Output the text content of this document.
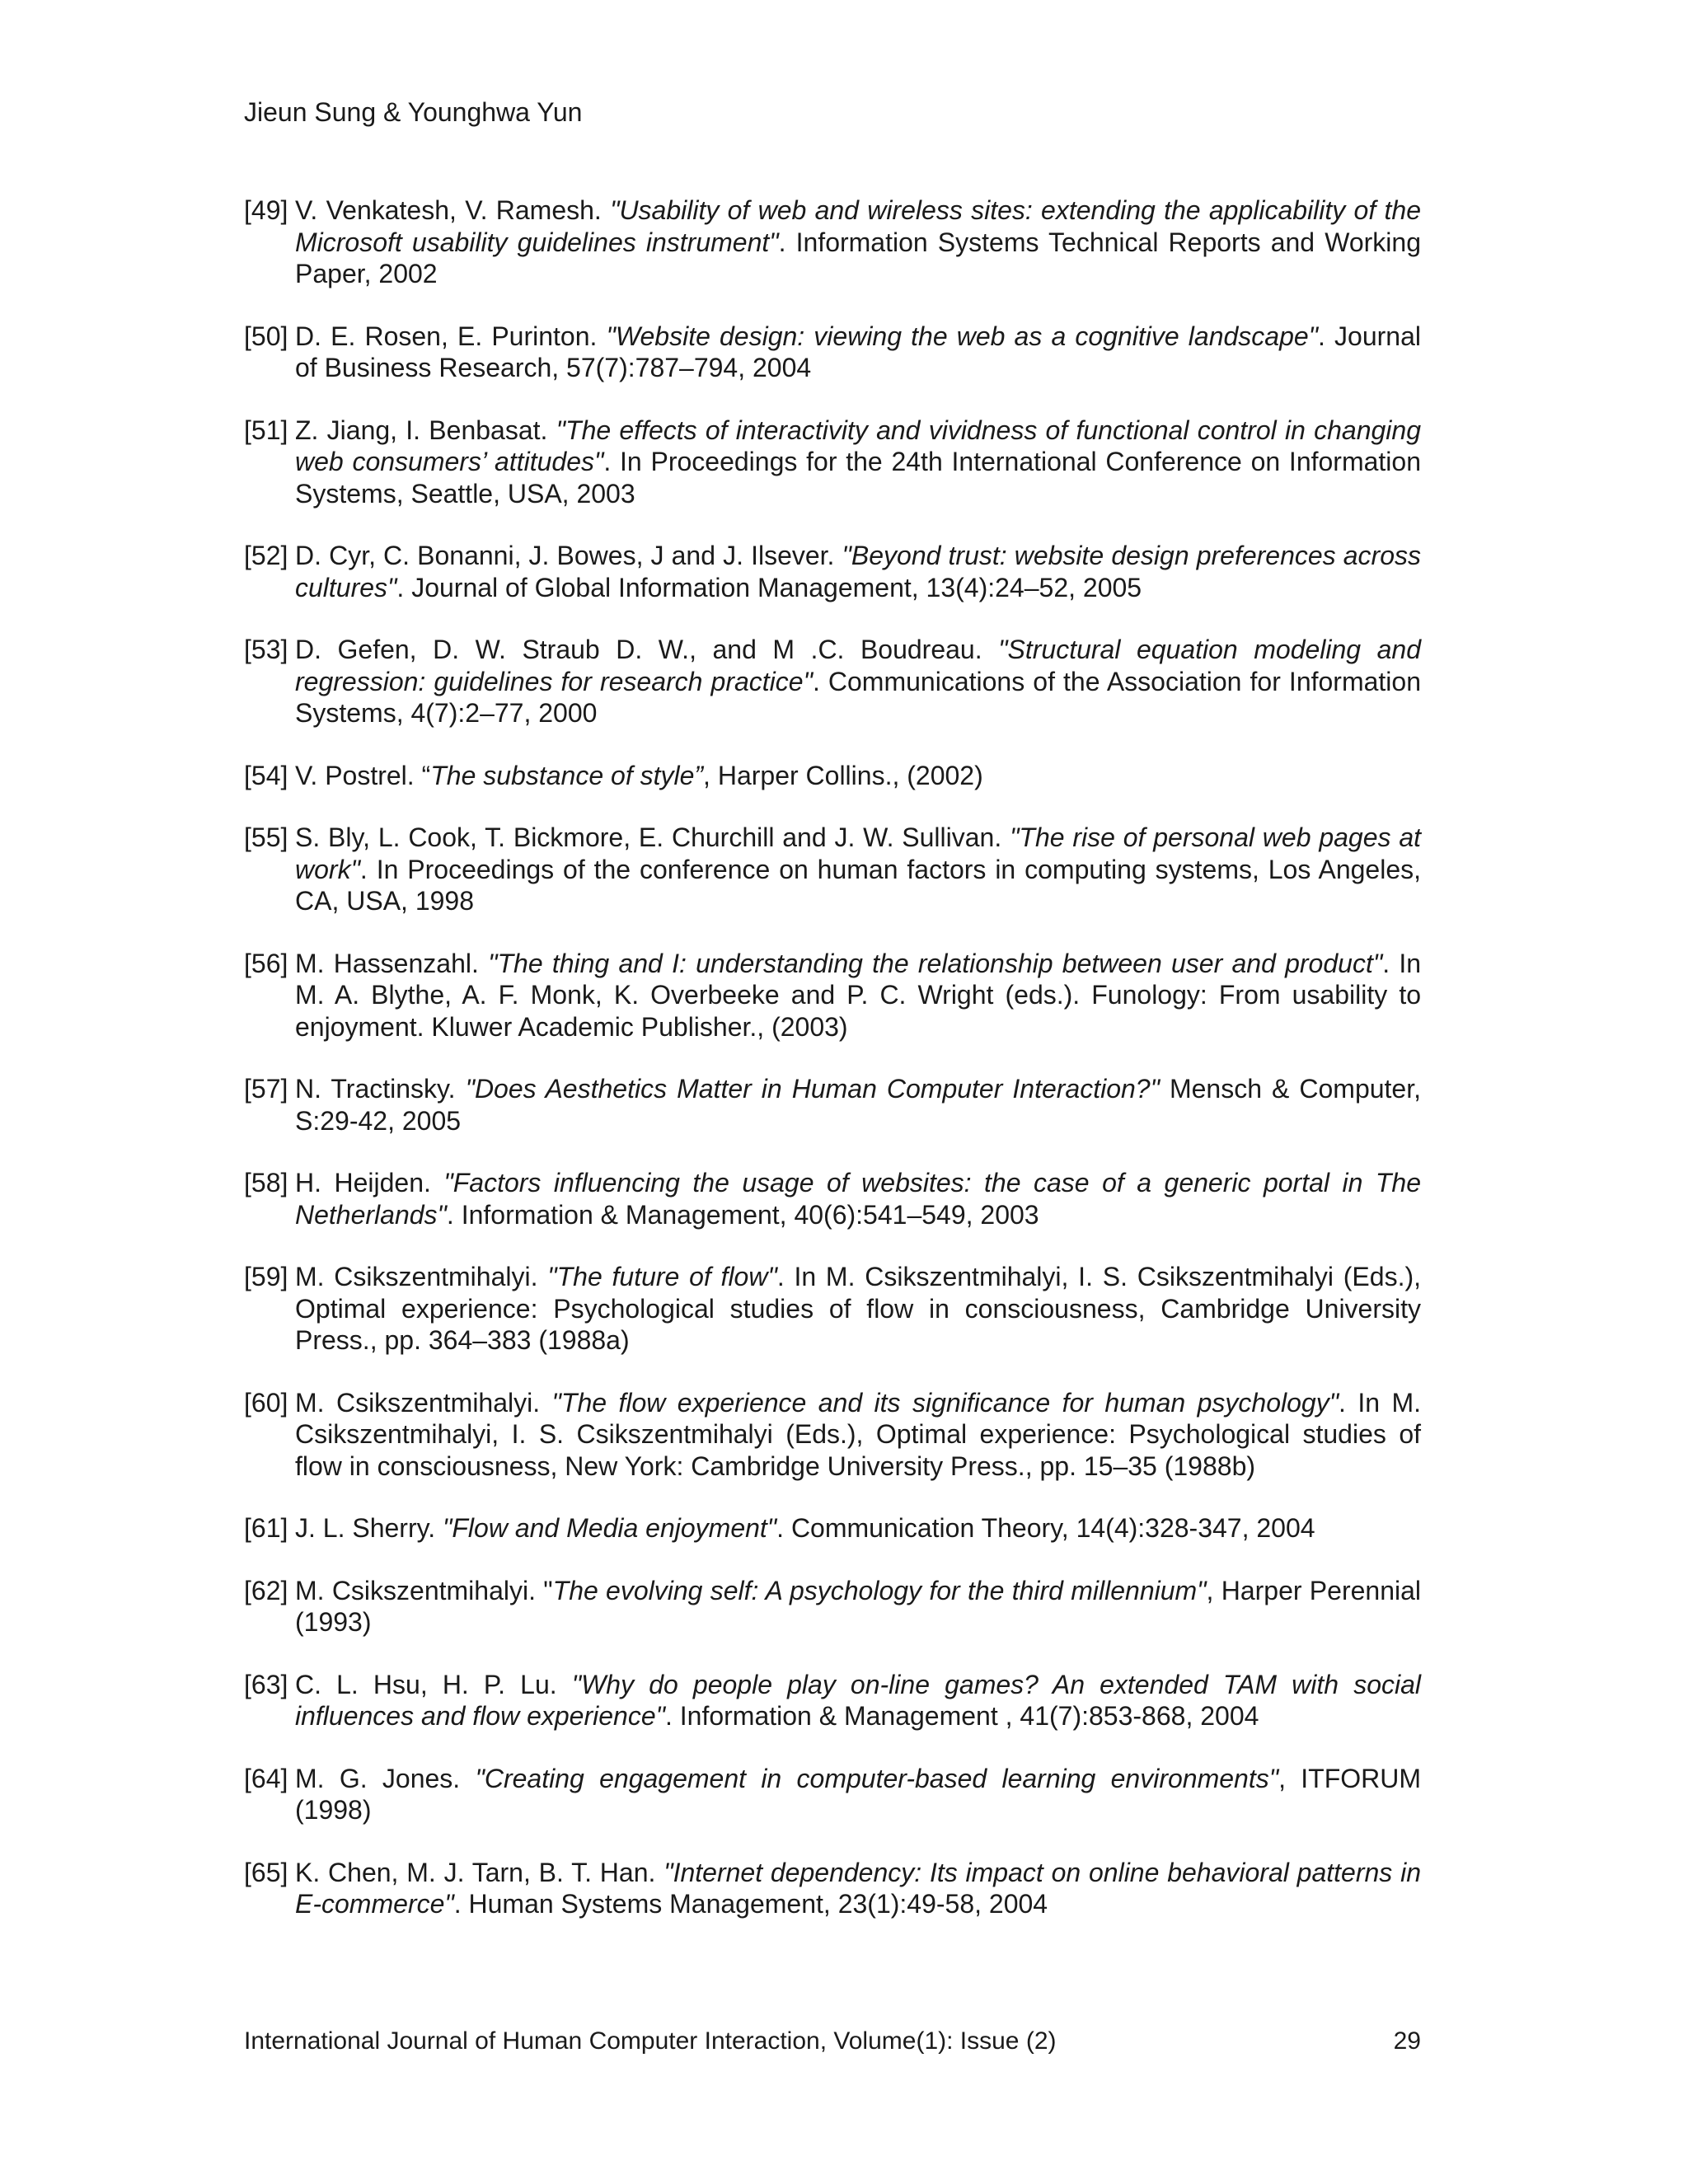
Jieun Sung & Younghwa Yun
[49] V. Venkatesh, V. Ramesh. "Usability of web and wireless sites: extending the applicability of the Microsoft usability guidelines instrument". Information Systems Technical Reports and Working Paper, 2002
[50] D. E. Rosen, E. Purinton. "Website design: viewing the web as a cognitive landscape". Journal of Business Research, 57(7):787–794, 2004
[51] Z. Jiang, I. Benbasat. "The effects of interactivity and vividness of functional control in changing web consumers’ attitudes". In Proceedings for the 24th International Conference on Information Systems, Seattle, USA, 2003
[52] D. Cyr, C. Bonanni, J. Bowes, J and J. Ilsever. "Beyond trust: website design preferences across cultures". Journal of Global Information Management, 13(4):24–52, 2005
[53] D. Gefen, D. W. Straub D. W., and M .C. Boudreau. "Structural equation modeling and regression: guidelines for research practice". Communications of the Association for Information Systems, 4(7):2–77, 2000
[54] V. Postrel. “The substance of style”, Harper Collins., (2002)
[55] S. Bly, L. Cook, T. Bickmore, E. Churchill and J. W. Sullivan. "The rise of personal web pages at work". In Proceedings of the conference on human factors in computing systems, Los Angeles, CA, USA, 1998
[56] M. Hassenzahl. "The thing and I: understanding the relationship between user and product". In M. A. Blythe, A. F. Monk, K. Overbeeke and P. C. Wright (eds.). Funology: From usability to enjoyment. Kluwer Academic Publisher., (2003)
[57] N. Tractinsky. "Does Aesthetics Matter in Human Computer Interaction?" Mensch & Computer, S:29-42, 2005
[58] H. Heijden. "Factors influencing the usage of websites: the case of a generic portal in The Netherlands". Information & Management, 40(6):541–549, 2003
[59] M. Csikszentmihalyi. "The future of flow". In M. Csikszentmihalyi, I. S. Csikszentmihalyi (Eds.), Optimal experience: Psychological studies of flow in consciousness, Cambridge University Press., pp. 364–383 (1988a)
[60] M. Csikszentmihalyi. "The flow experience and its significance for human psychology". In M. Csikszentmihalyi, I. S. Csikszentmihalyi (Eds.), Optimal experience: Psychological studies of flow in consciousness, New York: Cambridge University Press., pp. 15–35 (1988b)
[61] J. L. Sherry. "Flow and Media enjoyment". Communication Theory, 14(4):328-347, 2004
[62] M. Csikszentmihalyi. "The evolving self: A psychology for the third millennium", Harper Perennial (1993)
[63] C. L. Hsu, H. P. Lu. "Why do people play on-line games? An extended TAM with social influences and flow experience". Information & Management , 41(7):853-868, 2004
[64] M. G. Jones. "Creating engagement in computer-based learning environments", ITFORUM (1998)
[65] K. Chen, M. J. Tarn, B. T. Han. "Internet dependency: Its impact on online behavioral patterns in E-commerce". Human Systems Management, 23(1):49-58, 2004
International Journal of Human Computer Interaction, Volume(1): Issue (2)	29
